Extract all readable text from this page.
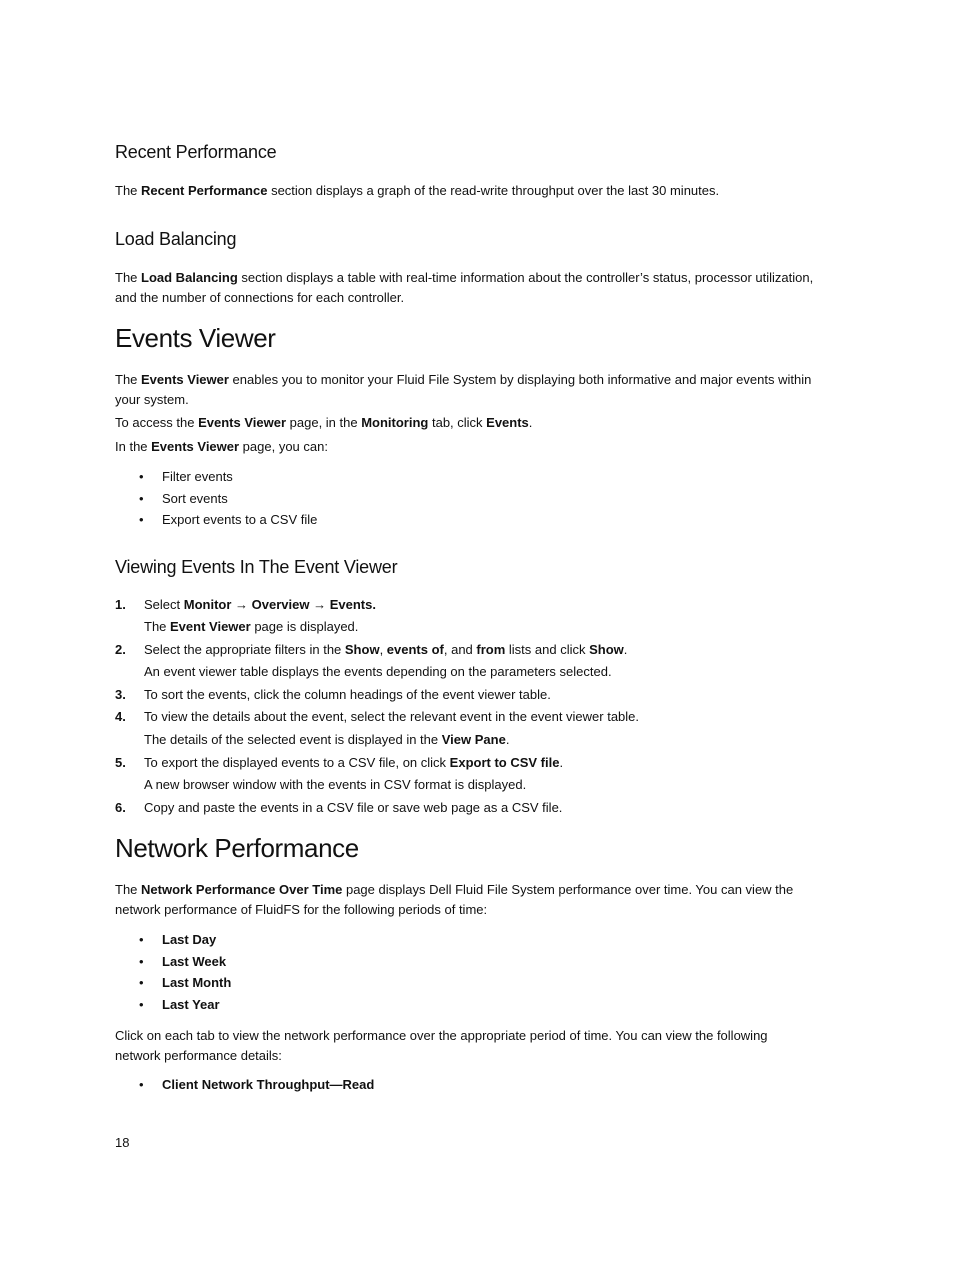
Recent Performance

The Recent Performance section displays a graph of the read-write throughput over the last 30 minutes.

Load Balancing

The Load Balancing section displays a table with real-time information about the controller’s status, processor utilization, and the number of connections for each controller.

Events Viewer

The Events Viewer enables you to monitor your Fluid File System by displaying both informative and major events within your system.

To access the Events Viewer page, in the Monitoring tab, click Events.

In the Events Viewer page, you can:

• Filter events
• Sort events
• Export events to a CSV file
Viewing Events In The Event Viewer
1. Select Monitor → Overview → Events.
The Event Viewer page is displayed.
2. Select the appropriate filters in the Show, events of, and from lists and click Show.
An event viewer table displays the events depending on the parameters selected.
3. To sort the events, click the column headings of the event viewer table.
4. To view the details about the event, select the relevant event in the event viewer table.
The details of the selected event is displayed in the View Pane.
5. To export the displayed events to a CSV file, on click Export to CSV file.
A new browser window with the events in CSV format is displayed.
6. Copy and paste the events in a CSV file or save web page as a CSV file.
Network Performance

The Network Performance Over Time page displays Dell Fluid File System performance over time. You can view the network performance of FluidFS for the following periods of time:

• Last Day
• Last Week
• Last Month
• Last Year

Click on each tab to view the network performance over the appropriate period of time. You can view the following network performance details:

• Client Network Throughput—Read
18
